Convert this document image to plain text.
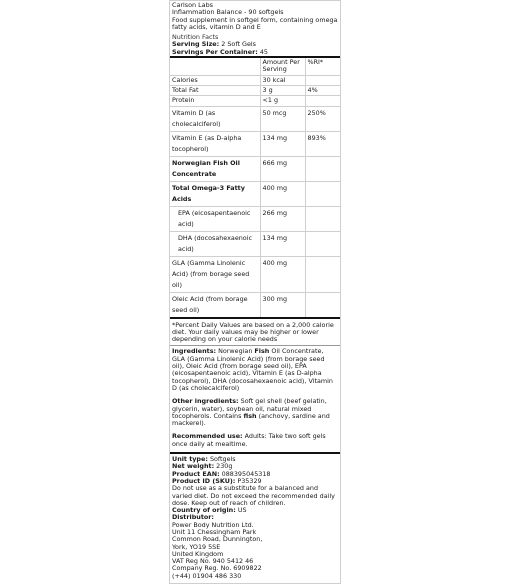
Carlson Labs
Inflammation Balance - 90 softgels
Food supplement in softgel form, containing omega fatty acids, vitamin D and E
Nutrition Facts
Serving Size: 2 Soft Gels
Servings Per Container: 45
	Amount Per Serving	%RI*
Calories	30 kcal	
Total Fat	3 g	4%
Protein	<1 g	
Vitamin D (as cholecalciferol)	50 mcg	250%
Vitamin E (as D-alpha tocopherol)	134 mg	893%
Norwegian Fish Oil Concentrate	666 mg	
Total Omega-3 Fatty Acids	400 mg	
EPA (eicosapentaenoic acid)	266 mg	
DHA (docosahexaenoic acid)	134 mg	
GLA (Gamma Linolenic Acid) (from borage seed oil)	400 mg	
Oleic Acid (from borage seed oil)	300 mg	
*Percent Daily Values are based on a 2,000 calorie diet. Your daily values may be higher or lower depending on your calorie needs

Ingredients: Norwegian Fish Oil Concentrate, GLA (Gamma Linolenic Acid) (from borage seed oil), Oleic Acid (from borage seed oil), EPA (eicosapentaenoic acid), Vitamin E (as D-alpha tocopherol), DHA (docosahexaenoic acid), Vitamin D (as cholecalciferol)

Other ingredients: Soft gel shell (beef gelatin, glycerin, water), soybean oil, natural mixed tocopherols. Contains fish (anchovy, sardine and mackerel).

Recommended use: Adults: Take two soft gels once daily at mealtime.

Unit type: Softgels
Net weight: 230g
Product EAN: 088395045318
Product ID (SKU): P35329
Do not use as a substitute for a balanced and varied diet. Do not exceed the recommended daily dose. Keep out of reach of children.
Country of origin: US
Distributor:
Power Body Nutrition Ltd.
Unit 11 Chessingham Park
Common Road, Dunnington,
York, YO19 5SE
United Kingdom
VAT Reg No. 940 5412 46
Company Reg. No. 6909822
(+44) 01904 486 330
